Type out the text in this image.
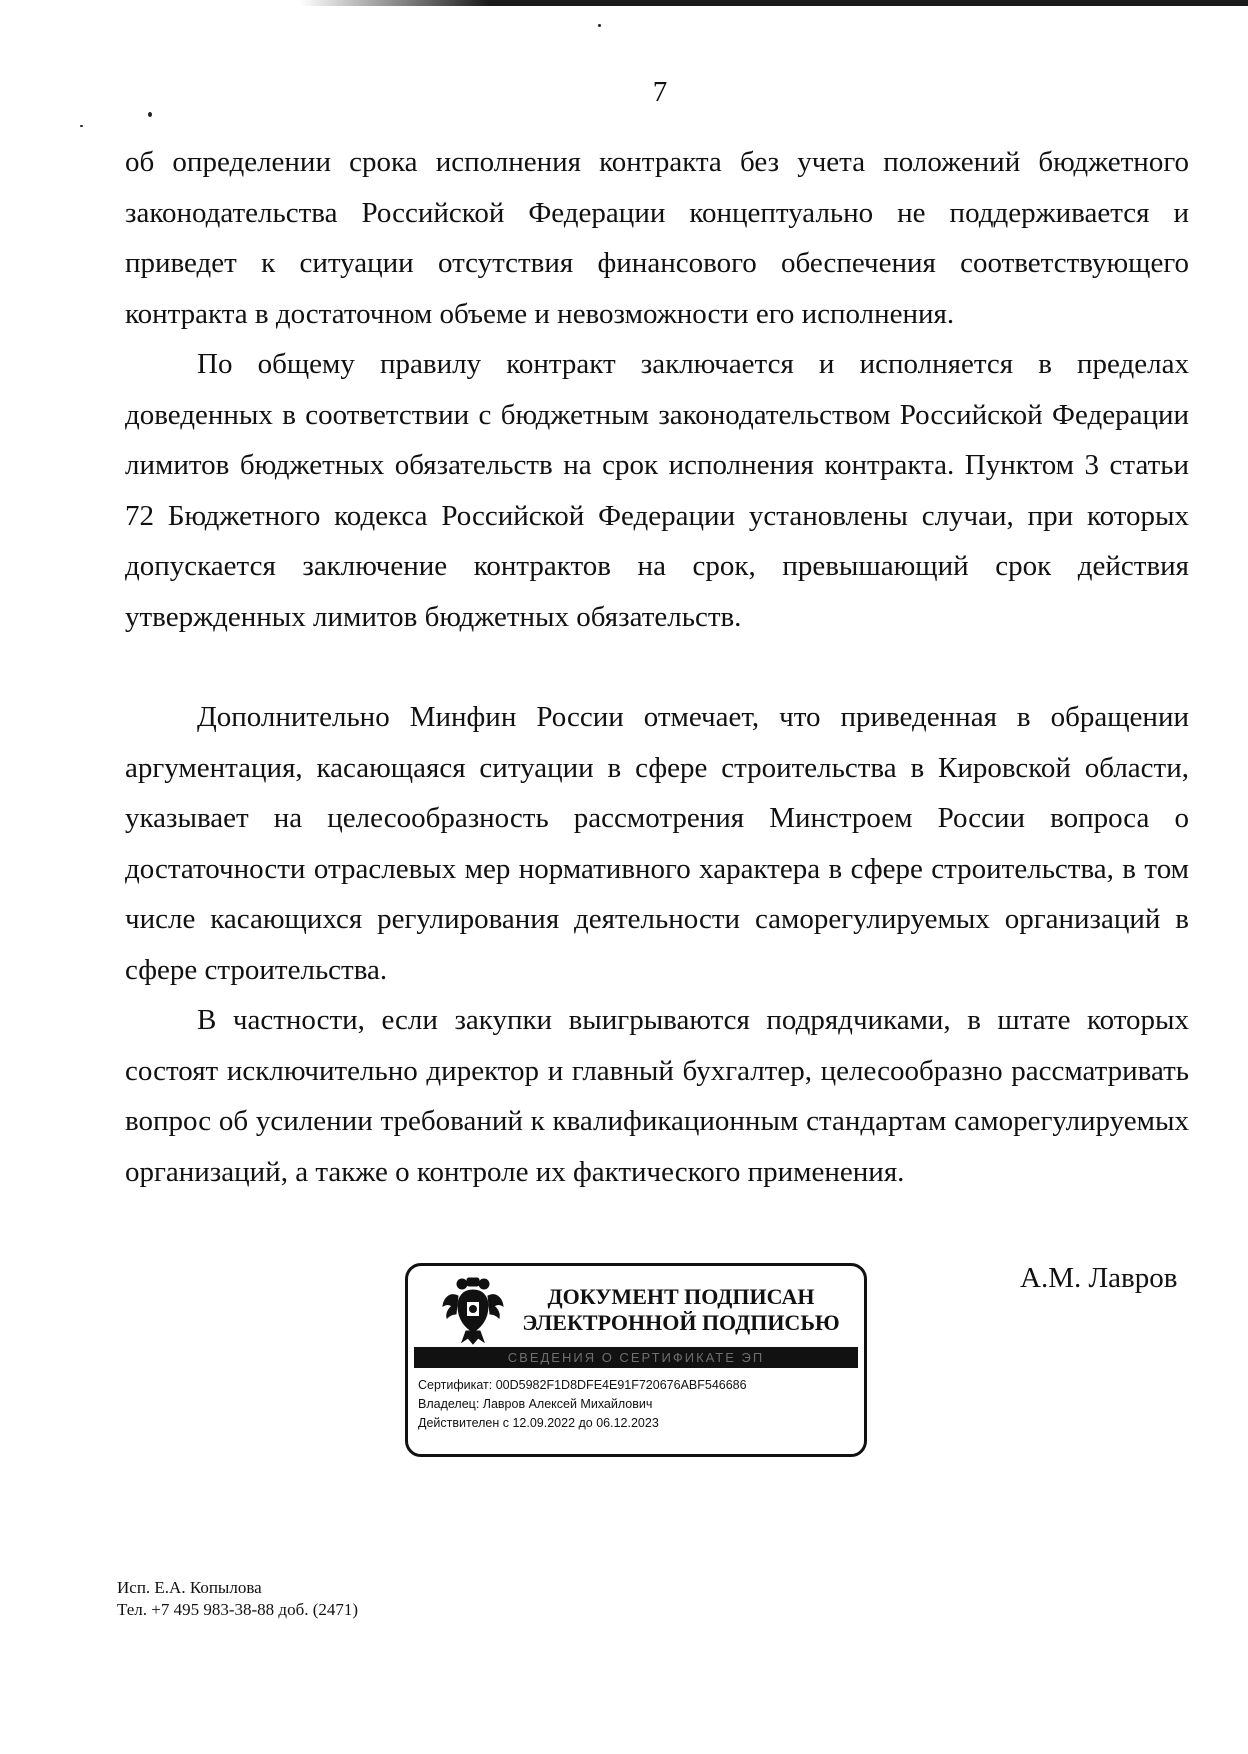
7

об определении срока исполнения контракта без учета положений бюджетного законодательства Российской Федерации концептуально не поддерживается и приведет к ситуации отсутствия финансового обеспечения соответствующего контракта в достаточном объеме и невозможности его исполнения.

По общему правилу контракт заключается и исполняется в пределах доведенных в соответствии с бюджетным законодательством Российской Федерации лимитов бюджетных обязательств на срок исполнения контракта. Пунктом 3 статьи 72 Бюджетного кодекса Российской Федерации установлены случаи, при которых допускается заключение контрактов на срок, превышающий срок действия утвержденных лимитов бюджетных обязательств.

Дополнительно Минфин России отмечает, что приведенная в обращении аргументация, касающаяся ситуации в сфере строительства в Кировской области, указывает на целесообразность рассмотрения Минстроем России вопроса о достаточности отраслевых мер нормативного характера в сфере строительства, в том числе касающихся регулирования деятельности саморегулируемых организаций в сфере строительства.

В частности, если закупки выигрываются подрядчиками, в штате которых состоят исключительно директор и главный бухгалтер, целесообразно рассматривать вопрос об усилении требований к квалификационным стандартам саморегулируемых организаций, а также о контроле их фактического применения.

ДОКУМЕНТ ПОДПИСАН
ЭЛЕКТРОННОЙ ПОДПИСЬЮ
СВЕДЕНИЯ О СЕРТИФИКАТЕ ЭП
Сертификат: 00D5982F1D8DFE4E91F720676ABF546686
Владелец: Лавров Алексей Михайлович
Действителен с 12.09.2022 до 06.12.2023
А.М. Лавров
Исп. Е.А. Копылова
Тел. +7 495 983-38-88 доб. (2471)
